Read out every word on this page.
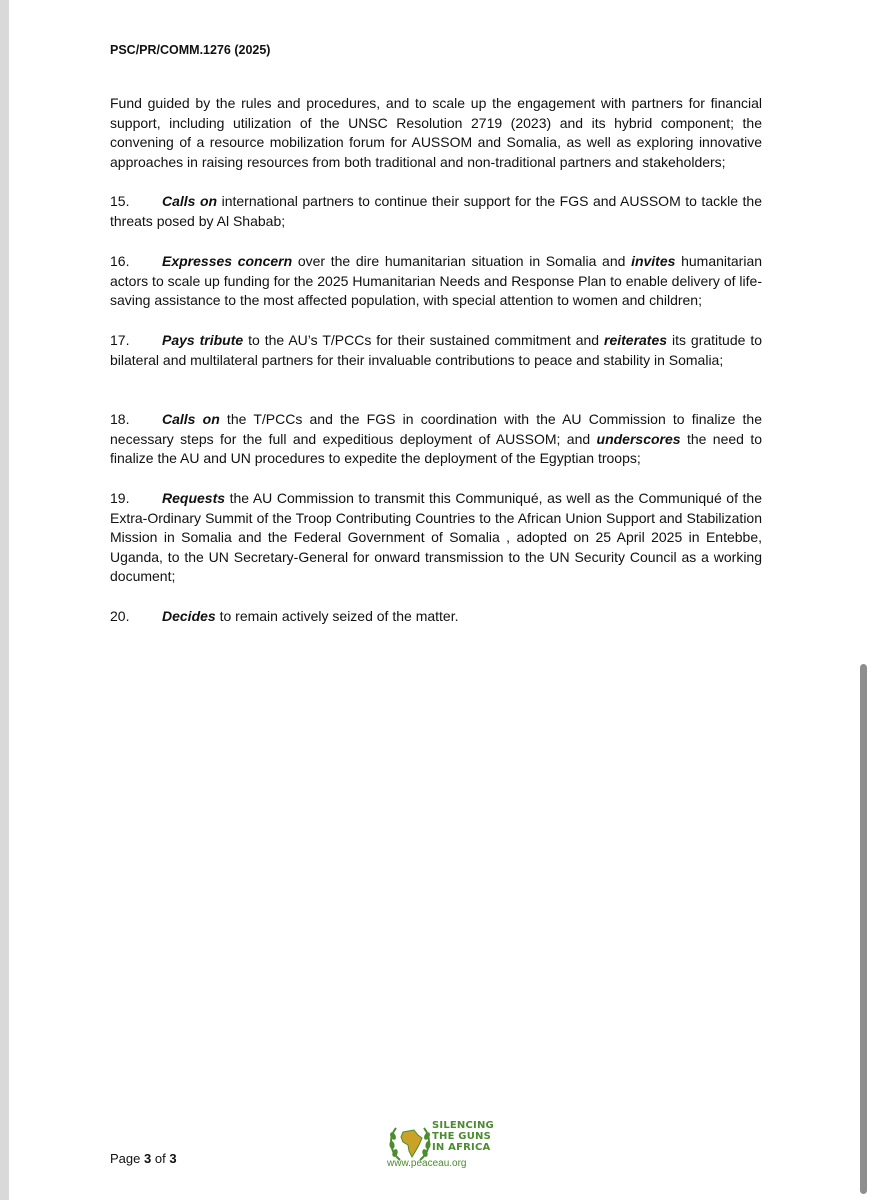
PSC/PR/COMM.1276 (2025)

Fund guided by the rules and procedures, and to scale up the engagement with partners for financial support, including utilization of the UNSC Resolution 2719 (2023) and its hybrid component; the convening of a resource mobilization forum for AUSSOM and Somalia, as well as exploring innovative approaches in raising resources from both traditional and non-traditional partners and stakeholders;

15. Calls on international partners to continue their support for the FGS and AUSSOM to tackle the threats posed by Al Shabab;

16. Expresses concern over the dire humanitarian situation in Somalia and invites humanitarian actors to scale up funding for the 2025 Humanitarian Needs and Response Plan to enable delivery of life-saving assistance to the most affected population, with special attention to women and children;

17. Pays tribute to the AU’s T/PCCs for their sustained commitment and reiterates its gratitude to bilateral and multilateral partners for their invaluable contributions to peace and stability in Somalia;

18. Calls on the T/PCCs and the FGS in coordination with the AU Commission to finalize the necessary steps for the full and expeditious deployment of AUSSOM; and underscores the need to finalize the AU and UN procedures to expedite the deployment of the Egyptian troops;

19. Requests the AU Commission to transmit this Communiqué, as well as the Communiqué of the Extra-Ordinary Summit of the Troop Contributing Countries to the African Union Support and Stabilization Mission in Somalia and the Federal Government of Somalia , adopted on 25 April 2025 in Entebbe, Uganda, to the UN Secretary-General for onward transmission to the UN Security Council as a working document;

20. Decides to remain actively seized of the matter.

SILENCING
THE GUNS
IN AFRICA
www.peaceau.org
Page 3 of 3
